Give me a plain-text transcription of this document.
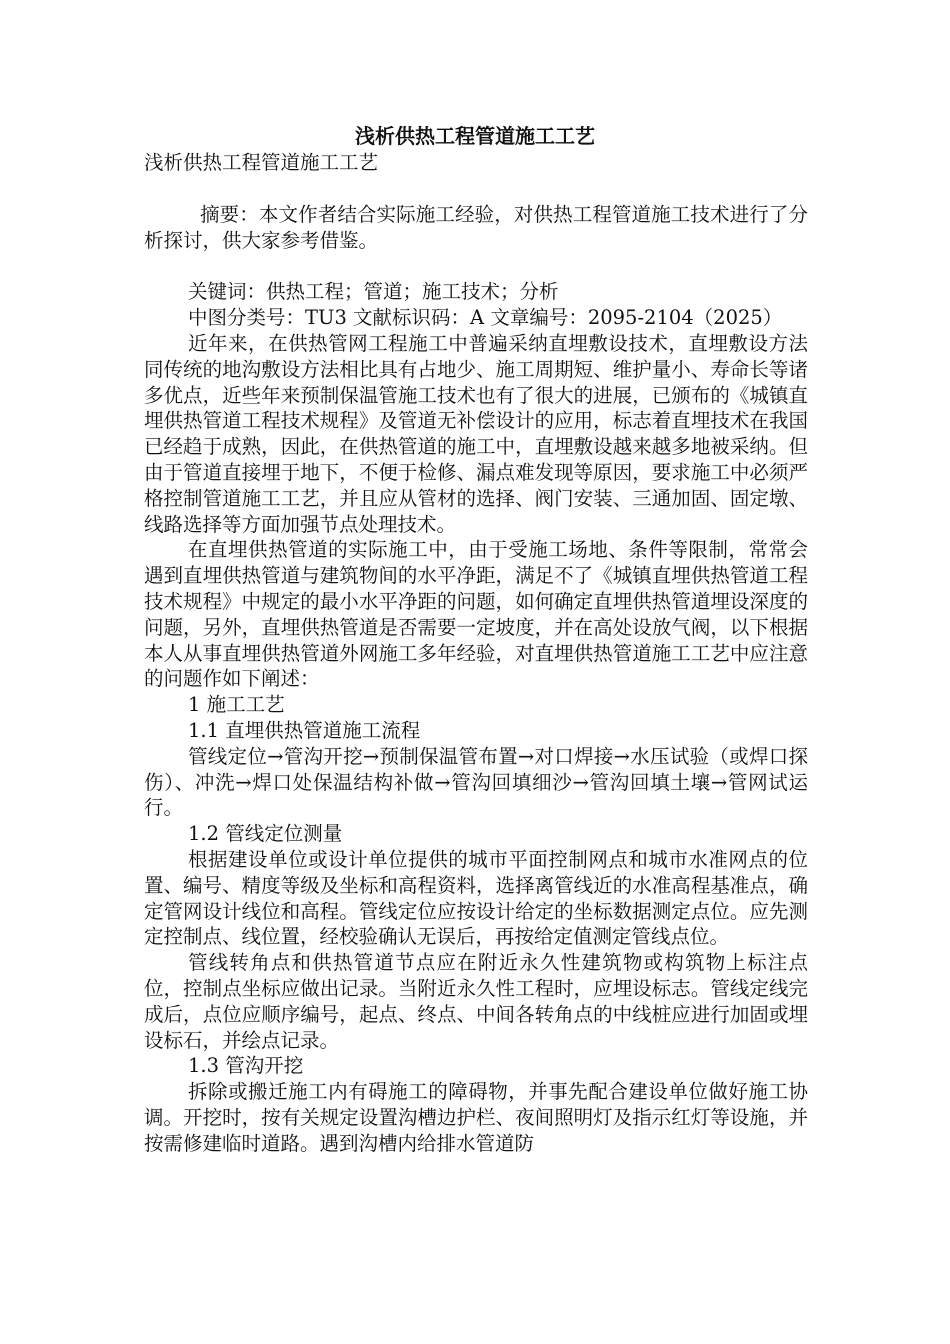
浅析供热工程管道施工工艺

浅析供热工程管道施工工艺

摘要：本文作者结合实际施工经验，对供热工程管道施工技术进行了分析探讨，供大家参考借鉴。

关键词：供热工程；管道；施工技术；分析

中图分类号：TU3 文献标识码：A 文章编号：2095-2104（2025）

近年来，在供热管网工程施工中普遍采纳直埋敷设技术，直埋敷设方法同传统的地沟敷设方法相比具有占地少、施工周期短、维护量小、寿命长等诸多优点，近些年来预制保温管施工技术也有了很大的进展，已颁布的《城镇直埋供热管道工程技术规程》及管道无补偿设计的应用，标志着直埋技术在我国已经趋于成熟，因此，在供热管道的施工中，直埋敷设越来越多地被采纳。但由于管道直接埋于地下，不便于检修、漏点难发现等原因，要求施工中必须严格控制管道施工工艺，并且应从管材的选择、阀门安装、三通加固、固定墩、线路选择等方面加强节点处理技术。

在直埋供热管道的实际施工中，由于受施工场地、条件等限制，常常会遇到直埋供热管道与建筑物间的水平净距，满足不了《城镇直埋供热管道工程技术规程》中规定的最小水平净距的问题，如何确定直埋供热管道埋设深度的问题，另外，直埋供热管道是否需要一定坡度，并在高处设放气阀，以下根据本人从事直埋供热管道外网施工多年经验，对直埋供热管道施工工艺中应注意的问题作如下阐述：

1 施工工艺

1.1 直埋供热管道施工流程

管线定位→管沟开挖→预制保温管布置→对口焊接→水压试验（或焊口探伤）、冲洗→焊口处保温结构补做→管沟回填细沙→管沟回填土壤→管网试运行。

1.2 管线定位测量

根据建设单位或设计单位提供的城市平面控制网点和城市水准网点的位置、编号、精度等级及坐标和高程资料，选择离管线近的水准高程基准点，确定管网设计线位和高程。管线定位应按设计给定的坐标数据测定点位。应先测定控制点、线位置，经校验确认无误后，再按给定值测定管线点位。

管线转角点和供热管道节点应在附近永久性建筑物或构筑物上标注点位，控制点坐标应做出记录。当附近永久性工程时，应埋设标志。管线定线完成后，点位应顺序编号，起点、终点、中间各转角点的中线桩应进行加固或埋设标石，并绘点记录。

1.3 管沟开挖

拆除或搬迁施工内有碍施工的障碍物，并事先配合建设单位做好施工协调。开挖时，按有关规定设置沟槽边护栏、夜间照明灯及指示红灯等设施，并按需修建临时道路。遇到沟槽内给排水管道防
